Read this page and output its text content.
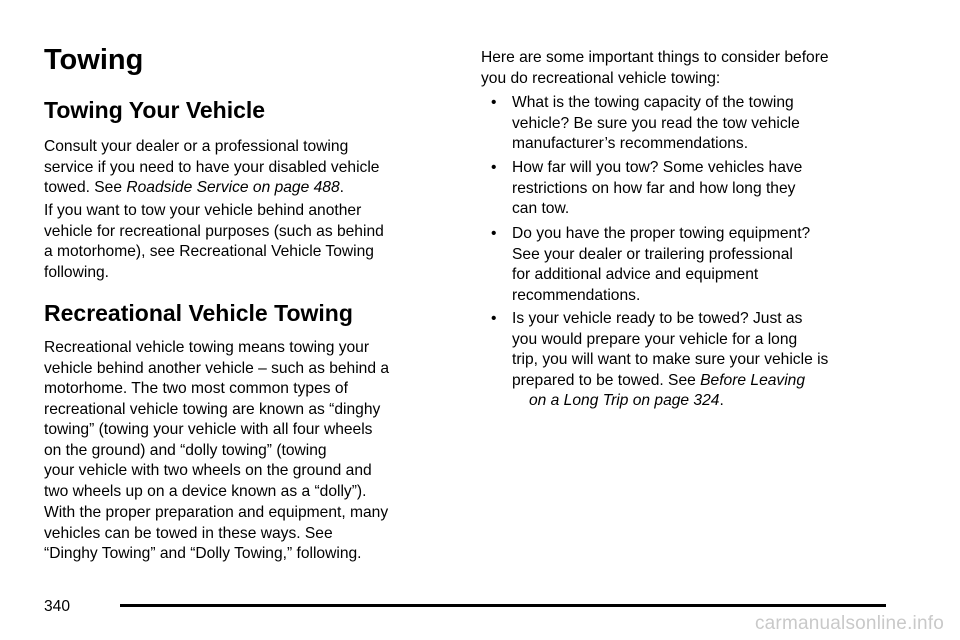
Towing
Towing Your Vehicle

Consult your dealer or a professional towing
service if you need to have your disabled vehicle
towed. See Roadside Service on page 488.

If you want to tow your vehicle behind another
vehicle for recreational purposes (such as behind
a motorhome), see Recreational Vehicle Towing
following.

Recreational Vehicle Towing

Recreational vehicle towing means towing your
vehicle behind another vehicle – such as behind a
motorhome. The two most common types of
recreational vehicle towing are known as “dinghy
towing” (towing your vehicle with all four wheels
on the ground) and “dolly towing” (towing
your vehicle with two wheels on the ground and
two wheels up on a device known as a “dolly”).

With the proper preparation and equipment, many
vehicles can be towed in these ways. See
“Dinghy Towing” and “Dolly Towing,” following.

Here are some important things to consider before
you do recreational vehicle towing:

• What is the towing capacity of the towing
vehicle? Be sure you read the tow vehicle
manufacturer’s recommendations.

• How far will you tow? Some vehicles have
restrictions on how far and how long they
can tow.

• Do you have the proper towing equipment?
See your dealer or trailering professional
for additional advice and equipment
recommendations.

• Is your vehicle ready to be towed? Just as
you would prepare your vehicle for a long
trip, you will want to make sure your vehicle is
prepared to be towed. See Before Leaving
on a Long Trip on page 324.

340
carmanualsonline.info
